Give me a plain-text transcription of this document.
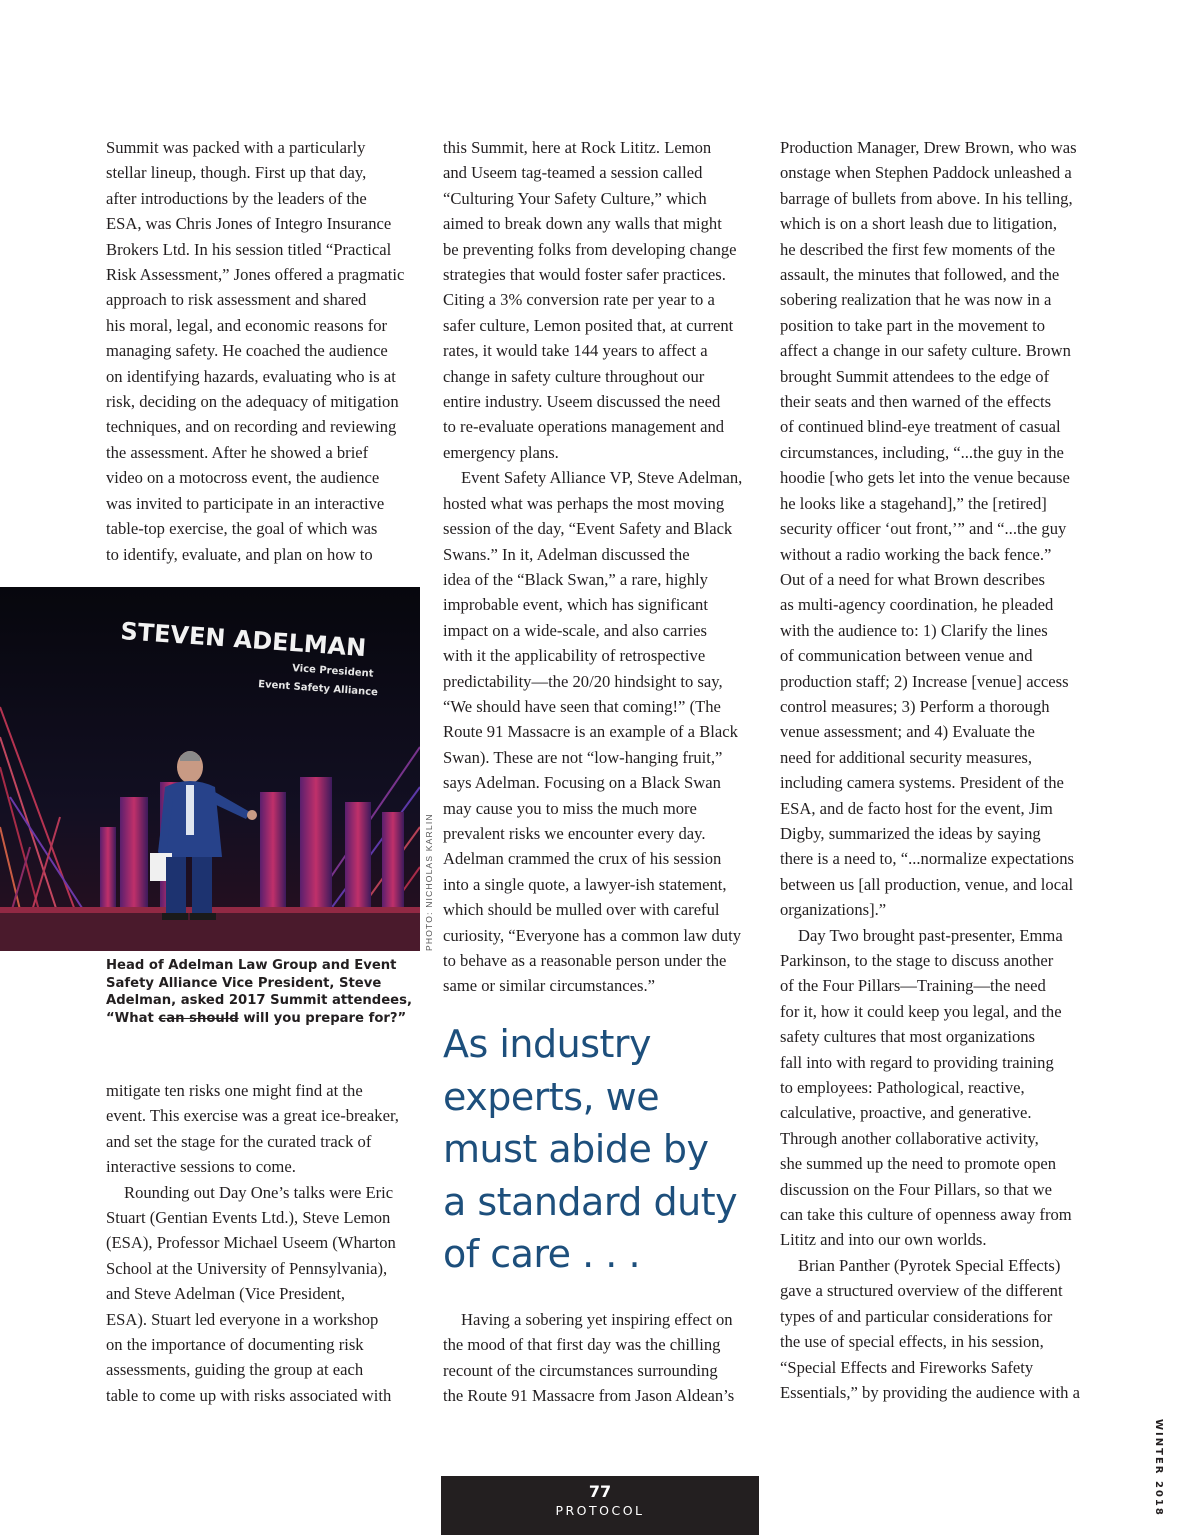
Summit was packed with a particularly
stellar lineup, though. First up that day,
after introductions by the leaders of the
ESA, was Chris Jones of Integro Insurance
Brokers Ltd. In his session titled “Practical
Risk Assessment,” Jones offered a pragmatic
approach to risk assessment and shared
his moral, legal, and economic reasons for
managing safety. He coached the audience
on identifying hazards, evaluating who is at
risk, deciding on the adequacy of mitigation
techniques, and on recording and reviewing
the assessment. After he showed a brief
video on a motocross event, the audience
was invited to participate in an interactive
table-top exercise, the goal of which was
to identify, evaluate, and plan on how to

STEVEN ADELMAN
Vice President
Event Safety Alliance
PHOTO: NICHOLAS KARLIN
Head of Adelman Law Group and Event Safety Alliance Vice President, Steve Adelman, asked 2017 Summit attendees, “What can should will you prepare for?”

mitigate ten risks one might find at the
event. This exercise was a great ice-breaker,
and set the stage for the curated track of
interactive sessions to come.

Rounding out Day One’s talks were Eric
Stuart (Gentian Events Ltd.), Steve Lemon
(ESA), Professor Michael Useem (Wharton
School at the University of Pennsylvania),
and Steve Adelman (Vice President,
ESA). Stuart led everyone in a workshop
on the importance of documenting risk
assessments, guiding the group at each
table to come up with risks associated with

this Summit, here at Rock Lititz. Lemon
and Useem tag-teamed a session called
“Culturing Your Safety Culture,” which
aimed to break down any walls that might
be preventing folks from developing change
strategies that would foster safer practices.
Citing a 3% conversion rate per year to a
safer culture, Lemon posited that, at current
rates, it would take 144 years to affect a
change in safety culture throughout our
entire industry. Useem discussed the need
to re-evaluate operations management and
emergency plans.

Event Safety Alliance VP, Steve Adelman,
hosted what was perhaps the most moving
session of the day, “Event Safety and Black
Swans.” In it, Adelman discussed the
idea of the “Black Swan,” a rare, highly
improbable event, which has significant
impact on a wide-scale, and also carries
with it the applicability of retrospective
predictability—the 20/20 hindsight to say,
“We should have seen that coming!” (The
Route 91 Massacre is an example of a Black
Swan). These are not “low-hanging fruit,”
says Adelman. Focusing on a Black Swan
may cause you to miss the much more
prevalent risks we encounter every day.
Adelman crammed the crux of his session
into a single quote, a lawyer-ish statement,
which should be mulled over with careful
curiosity, “Everyone has a common law duty
to behave as a reasonable person under the
same or similar circumstances.”

As industry
experts, we
must abide by
a standard duty
of care . . .

Having a sobering yet inspiring effect on
the mood of that first day was the chilling
recount of the circumstances surrounding
the Route 91 Massacre from Jason Aldean’s

Production Manager, Drew Brown, who was
onstage when Stephen Paddock unleashed a
barrage of bullets from above. In his telling,
which is on a short leash due to litigation,
he described the first few moments of the
assault, the minutes that followed, and the
sobering realization that he was now in a
position to take part in the movement to
affect a change in our safety culture. Brown
brought Summit attendees to the edge of
their seats and then warned of the effects
of continued blind-eye treatment of casual
circumstances, including, “...the guy in the
hoodie [who gets let into the venue because
he looks like a stagehand],” the [retired]
security officer ‘out front,’” and “...the guy
without a radio working the back fence.”
Out of a need for what Brown describes
as multi-agency coordination, he pleaded
with the audience to: 1) Clarify the lines
of communication between venue and
production staff; 2) Increase [venue] access
control measures; 3) Perform a thorough
venue assessment; and 4) Evaluate the
need for additional security measures,
including camera systems. President of the
ESA, and de facto host for the event, Jim
Digby, summarized the ideas by saying
there is a need to, “...normalize expectations
between us [all production, venue, and local
organizations].”

Day Two brought past-presenter, Emma
Parkinson, to the stage to discuss another
of the Four Pillars—Training—the need
for it, how it could keep you legal, and the
safety cultures that most organizations
fall into with regard to providing training
to employees: Pathological, reactive,
calculative, proactive, and generative.
Through another collaborative activity,
she summed up the need to promote open
discussion on the Four Pillars, so that we
can take this culture of openness away from
Lititz and into our own worlds.

Brian Panther (Pyrotek Special Effects)
gave a structured overview of the different
types of and particular considerations for
the use of special effects, in his session,
“Special Effects and Fireworks Safety
Essentials,” by providing the audience with a

WINTER 2018
77
PROTOCOL
